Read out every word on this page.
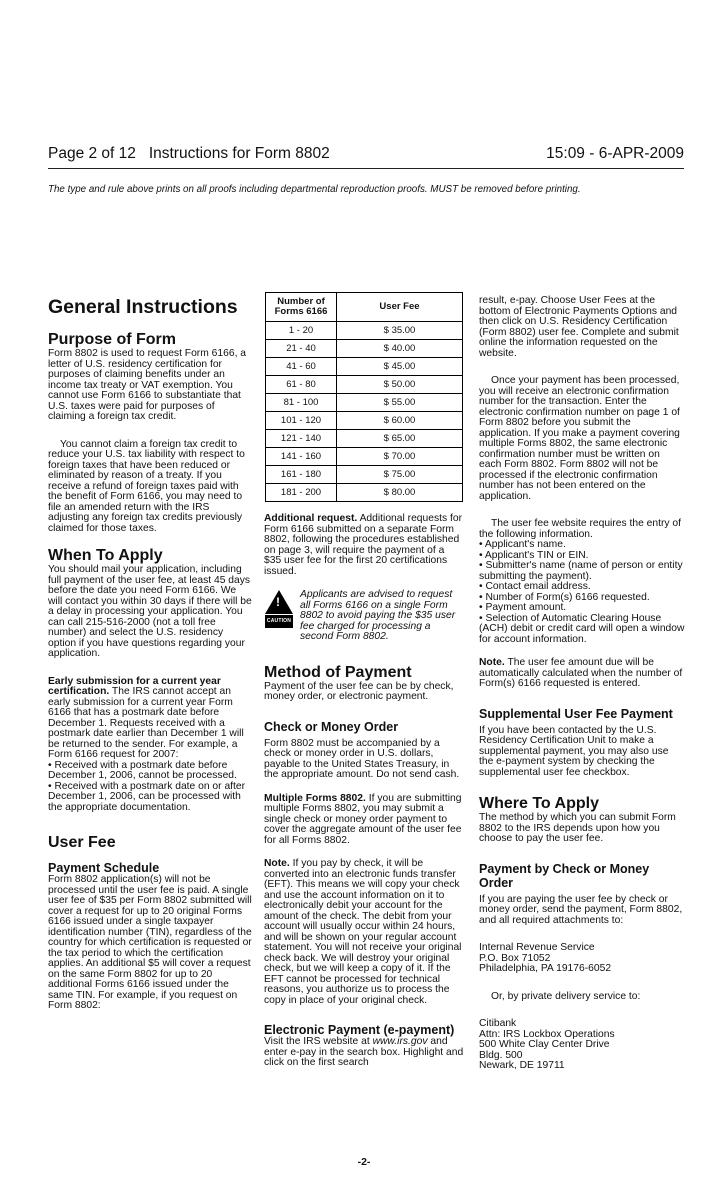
Page 2 of 12   Instructions for Form 8802	15:09 - 6-APR-2009
The type and rule above prints on all proofs including departmental reproduction proofs. MUST be removed before printing.
General Instructions
Purpose of Form

Form 8802 is used to request Form 6166, a letter of U.S. residency certification for purposes of claiming benefits under an income tax treaty or VAT exemption. You cannot use Form 6166 to substantiate that U.S. taxes were paid for purposes of claiming a foreign tax credit.

You cannot claim a foreign tax credit to reduce your U.S. tax liability with respect to foreign taxes that have been reduced or eliminated by reason of a treaty. If you receive a refund of foreign taxes paid with the benefit of Form 6166, you may need to file an amended return with the IRS adjusting any foreign tax credits previously claimed for those taxes.

When To Apply

You should mail your application, including full payment of the user fee, at least 45 days before the date you need Form 6166. We will contact you within 30 days if there will be a delay in processing your application. You can call 215-516-2000 (not a toll free number) and select the U.S. residency option if you have questions regarding your application.

Early submission for a current year certification. The IRS cannot accept an early submission for a current year Form 6166 that has a postmark date before December 1. Requests received with a postmark date earlier than December 1 will be returned to the sender. For example, a Form 6166 request for 2007:

• Received with a postmark date before December 1, 2006, cannot be processed.

• Received with a postmark date on or after December 1, 2006, can be processed with the appropriate documentation.

User Fee
Payment Schedule

Form 8802 application(s) will not be processed until the user fee is paid. A single user fee of $35 per Form 8802 submitted will cover a request for up to 20 original Forms 6166 issued under a single taxpayer identification number (TIN), regardless of the country for which certification is requested or the tax period to which the certification applies. An additional $5 will cover a request on the same Form 8802 for up to 20 additional Forms 6166 issued under the same TIN. For example, if you request on Form 8802:

Number of Forms 6166	User Fee
1 - 20	$ 35.00
21 - 40	$ 40.00
41 - 60	$ 45.00
61 - 80	$ 50.00
81 - 100	$ 55.00
101 - 120	$ 60.00
121 - 140	$ 65.00
141 - 160	$ 70.00
161 - 180	$ 75.00
181 - 200	$ 80.00

Additional request. Additional requests for Form 6166 submitted on a separate Form 8802, following the procedures established on page 3, will require the payment of a $35 user fee for the first 20 certifications issued.

!
CAUTION
Applicants are advised to request all Forms 6166 on a single Form 8802 to avoid paying the $35 user fee charged for processing a second Form 8802.
Method of Payment

Payment of the user fee can be by check, money order, or electronic payment.

Check or Money Order

Form 8802 must be accompanied by a check or money order in U.S. dollars, payable to the United States Treasury, in the appropriate amount. Do not send cash.

Multiple Forms 8802. If you are submitting multiple Forms 8802, you may submit a single check or money order payment to cover the aggregate amount of the user fee for all Forms 8802.

Note. If you pay by check, it will be converted into an electronic funds transfer (EFT). This means we will copy your check and use the account information on it to electronically debit your account for the amount of the check. The debit from your account will usually occur within 24 hours, and will be shown on your regular account statement. You will not receive your original check back. We will destroy your original check, but we will keep a copy of it. If the EFT cannot be processed for technical reasons, you authorize us to process the copy in place of your original check.

Electronic Payment (e-payment)

Visit the IRS website at www.irs.gov and enter e-pay in the search box. Highlight and click on the first search

result, e-pay. Choose User Fees at the bottom of Electronic Payments Options and then click on U.S. Residency Certification (Form 8802) user fee. Complete and submit online the information requested on the website.

Once your payment has been processed, you will receive an electronic confirmation number for the transaction. Enter the electronic confirmation number on page 1 of Form 8802 before you submit the application. If you make a payment covering multiple Forms 8802, the same electronic confirmation number must be written on each Form 8802. Form 8802 will not be processed if the electronic confirmation number has not been entered on the application.

The user fee website requires the entry of the following information.

• Applicant's name.
• Applicant's TIN or EIN.
• Submitter's name (name of person or entity submitting the payment).
• Contact email address.
• Number of Form(s) 6166 requested.
• Payment amount.
• Selection of Automatic Clearing House (ACH) debit or credit card will open a window for account information.

Note. The user fee amount due will be automatically calculated when the number of Form(s) 6166 requested is entered.

Supplemental User Fee Payment

If you have been contacted by the U.S. Residency Certification Unit to make a supplemental payment, you may also use the e-payment system by checking the supplemental user fee checkbox.

Where To Apply

The method by which you can submit Form 8802 to the IRS depends upon how you choose to pay the user fee.

Payment by Check or Money Order

If you are paying the user fee by check or money order, send the payment, Form 8802, and all required attachments to:

Internal Revenue Service

P.O. Box 71052

Philadelphia, PA 19176-6052

Or, by private delivery service to:

Citibank

Attn: IRS Lockbox Operations

500 White Clay Center Drive

Bldg. 500

Newark, DE 19711

-2-
